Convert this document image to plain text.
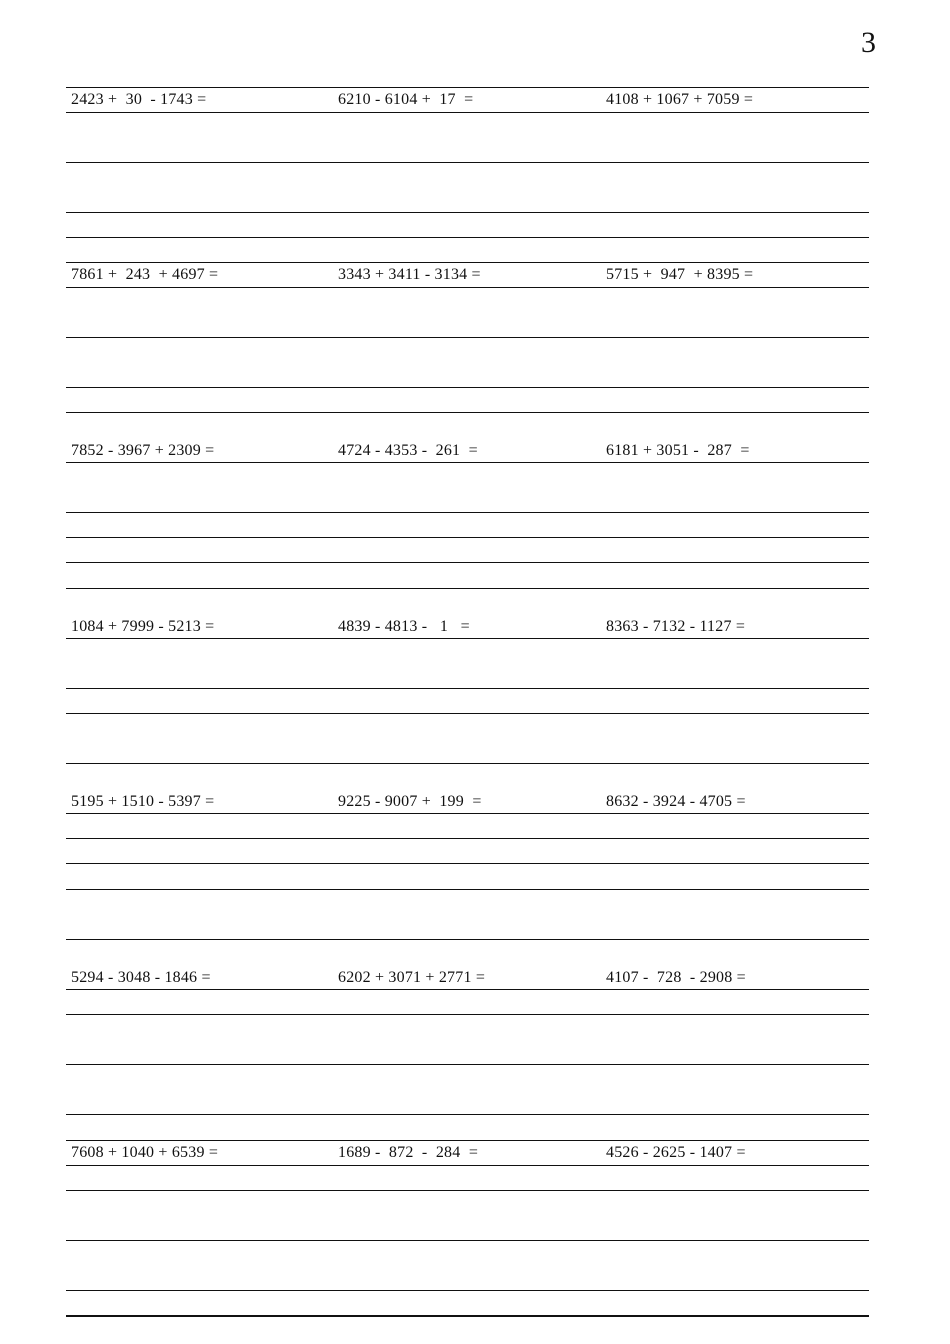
3
2423 +  30  - 1743 =	6210 - 6104 +  17  =	4108 + 1067 + 7059 =
7861 +  243  + 4697 =	3343 + 3411 - 3134 =	5715 +  947  + 8395 =
7852 - 3967 + 2309 =	4724 - 4353 -  261  =	6181 + 3051 -  287  =
1084 + 7999 - 5213 =	4839 - 4813 -   1   =	8363 - 7132 - 1127 =
5195 + 1510 - 5397 =	9225 - 9007 +  199  =	8632 - 3924 - 4705 =
5294 - 3048 - 1846 =	6202 + 3071 + 2771 =	4107 -  728  - 2908 =
7608 + 1040 + 6539 =	1689 -  872  -  284  =	4526 - 2625 - 1407 =
